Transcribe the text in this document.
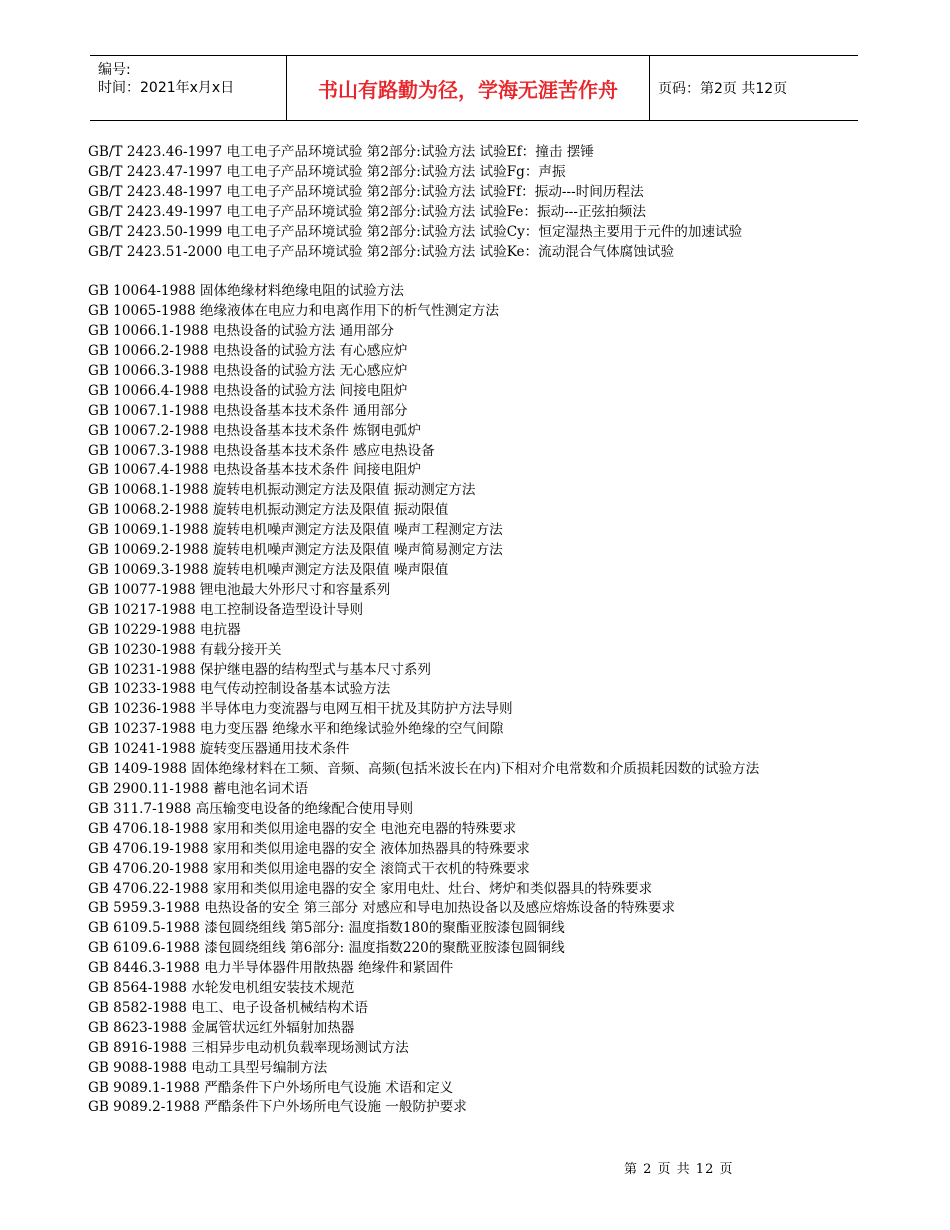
编号:
时间：2021年x月x日	书山有路勤为径，学海无涯苦作舟	页码：第2页 共12页
GB/T 2423.46-1997 电工电子产品环境试验 第2部分:试验方法 试验Ef：撞击 摆锤
GB/T 2423.47-1997 电工电子产品环境试验 第2部分:试验方法 试验Fg：声振
GB/T 2423.48-1997 电工电子产品环境试验 第2部分:试验方法 试验Ff：振动---时间历程法
GB/T 2423.49-1997 电工电子产品环境试验 第2部分:试验方法 试验Fe：振动---正弦拍频法
GB/T 2423.50-1999 电工电子产品环境试验 第2部分:试验方法 试验Cy：恒定湿热主要用于元件的加速试验
GB/T 2423.51-2000 电工电子产品环境试验 第2部分:试验方法 试验Ke：流动混合气体腐蚀试验
GB 10064-1988 固体绝缘材料绝缘电阻的试验方法
GB 10065-1988 绝缘液体在电应力和电离作用下的析气性测定方法
GB 10066.1-1988 电热设备的试验方法 通用部分
GB 10066.2-1988 电热设备的试验方法 有心感应炉
GB 10066.3-1988 电热设备的试验方法 无心感应炉
GB 10066.4-1988 电热设备的试验方法 间接电阻炉
GB 10067.1-1988 电热设备基本技术条件 通用部分
GB 10067.2-1988 电热设备基本技术条件 炼钢电弧炉
GB 10067.3-1988 电热设备基本技术条件 感应电热设备
GB 10067.4-1988 电热设备基本技术条件 间接电阻炉
GB 10068.1-1988 旋转电机振动测定方法及限值 振动测定方法
GB 10068.2-1988 旋转电机振动测定方法及限值 振动限值
GB 10069.1-1988 旋转电机噪声测定方法及限值 噪声工程测定方法
GB 10069.2-1988 旋转电机噪声测定方法及限值 噪声简易测定方法
GB 10069.3-1988 旋转电机噪声测定方法及限值 噪声限值
GB 10077-1988 锂电池最大外形尺寸和容量系列
GB 10217-1988 电工控制设备造型设计导则
GB 10229-1988 电抗器
GB 10230-1988 有载分接开关
GB 10231-1988 保护继电器的结构型式与基本尺寸系列
GB 10233-1988 电气传动控制设备基本试验方法
GB 10236-1988 半导体电力变流器与电网互相干扰及其防护方法导则
GB 10237-1988 电力变压器 绝缘水平和绝缘试验外绝缘的空气间隙
GB 10241-1988 旋转变压器通用技术条件
GB 1409-1988 固体绝缘材料在工频、音频、高频(包括米波长在内)下相对介电常数和介质损耗因数的试验方法
GB 2900.11-1988 蓄电池名词术语
GB 311.7-1988 高压输变电设备的绝缘配合使用导则
GB 4706.18-1988 家用和类似用途电器的安全 电池充电器的特殊要求
GB 4706.19-1988 家用和类似用途电器的安全 液体加热器具的特殊要求
GB 4706.20-1988 家用和类似用途电器的安全 滚筒式干衣机的特殊要求
GB 4706.22-1988 家用和类似用途电器的安全 家用电灶、灶台、烤炉和类似器具的特殊要求
GB 5959.3-1988 电热设备的安全 第三部分 对感应和导电加热设备以及感应熔炼设备的特殊要求
GB 6109.5-1988 漆包圆绕组线 第5部分: 温度指数180的聚酯亚胺漆包圆铜线
GB 6109.6-1988 漆包圆绕组线 第6部分: 温度指数220的聚酰亚胺漆包圆铜线
GB 8446.3-1988 电力半导体器件用散热器 绝缘件和紧固件
GB 8564-1988 水轮发电机组安装技术规范
GB 8582-1988 电工、电子设备机械结构术语
GB 8623-1988 金属管状远红外辐射加热器
GB 8916-1988 三相异步电动机负载率现场测试方法
GB 9088-1988 电动工具型号编制方法
GB 9089.1-1988 严酷条件下户外场所电气设施 术语和定义
GB 9089.2-1988 严酷条件下户外场所电气设施 一般防护要求
第 2 页 共 12 页
